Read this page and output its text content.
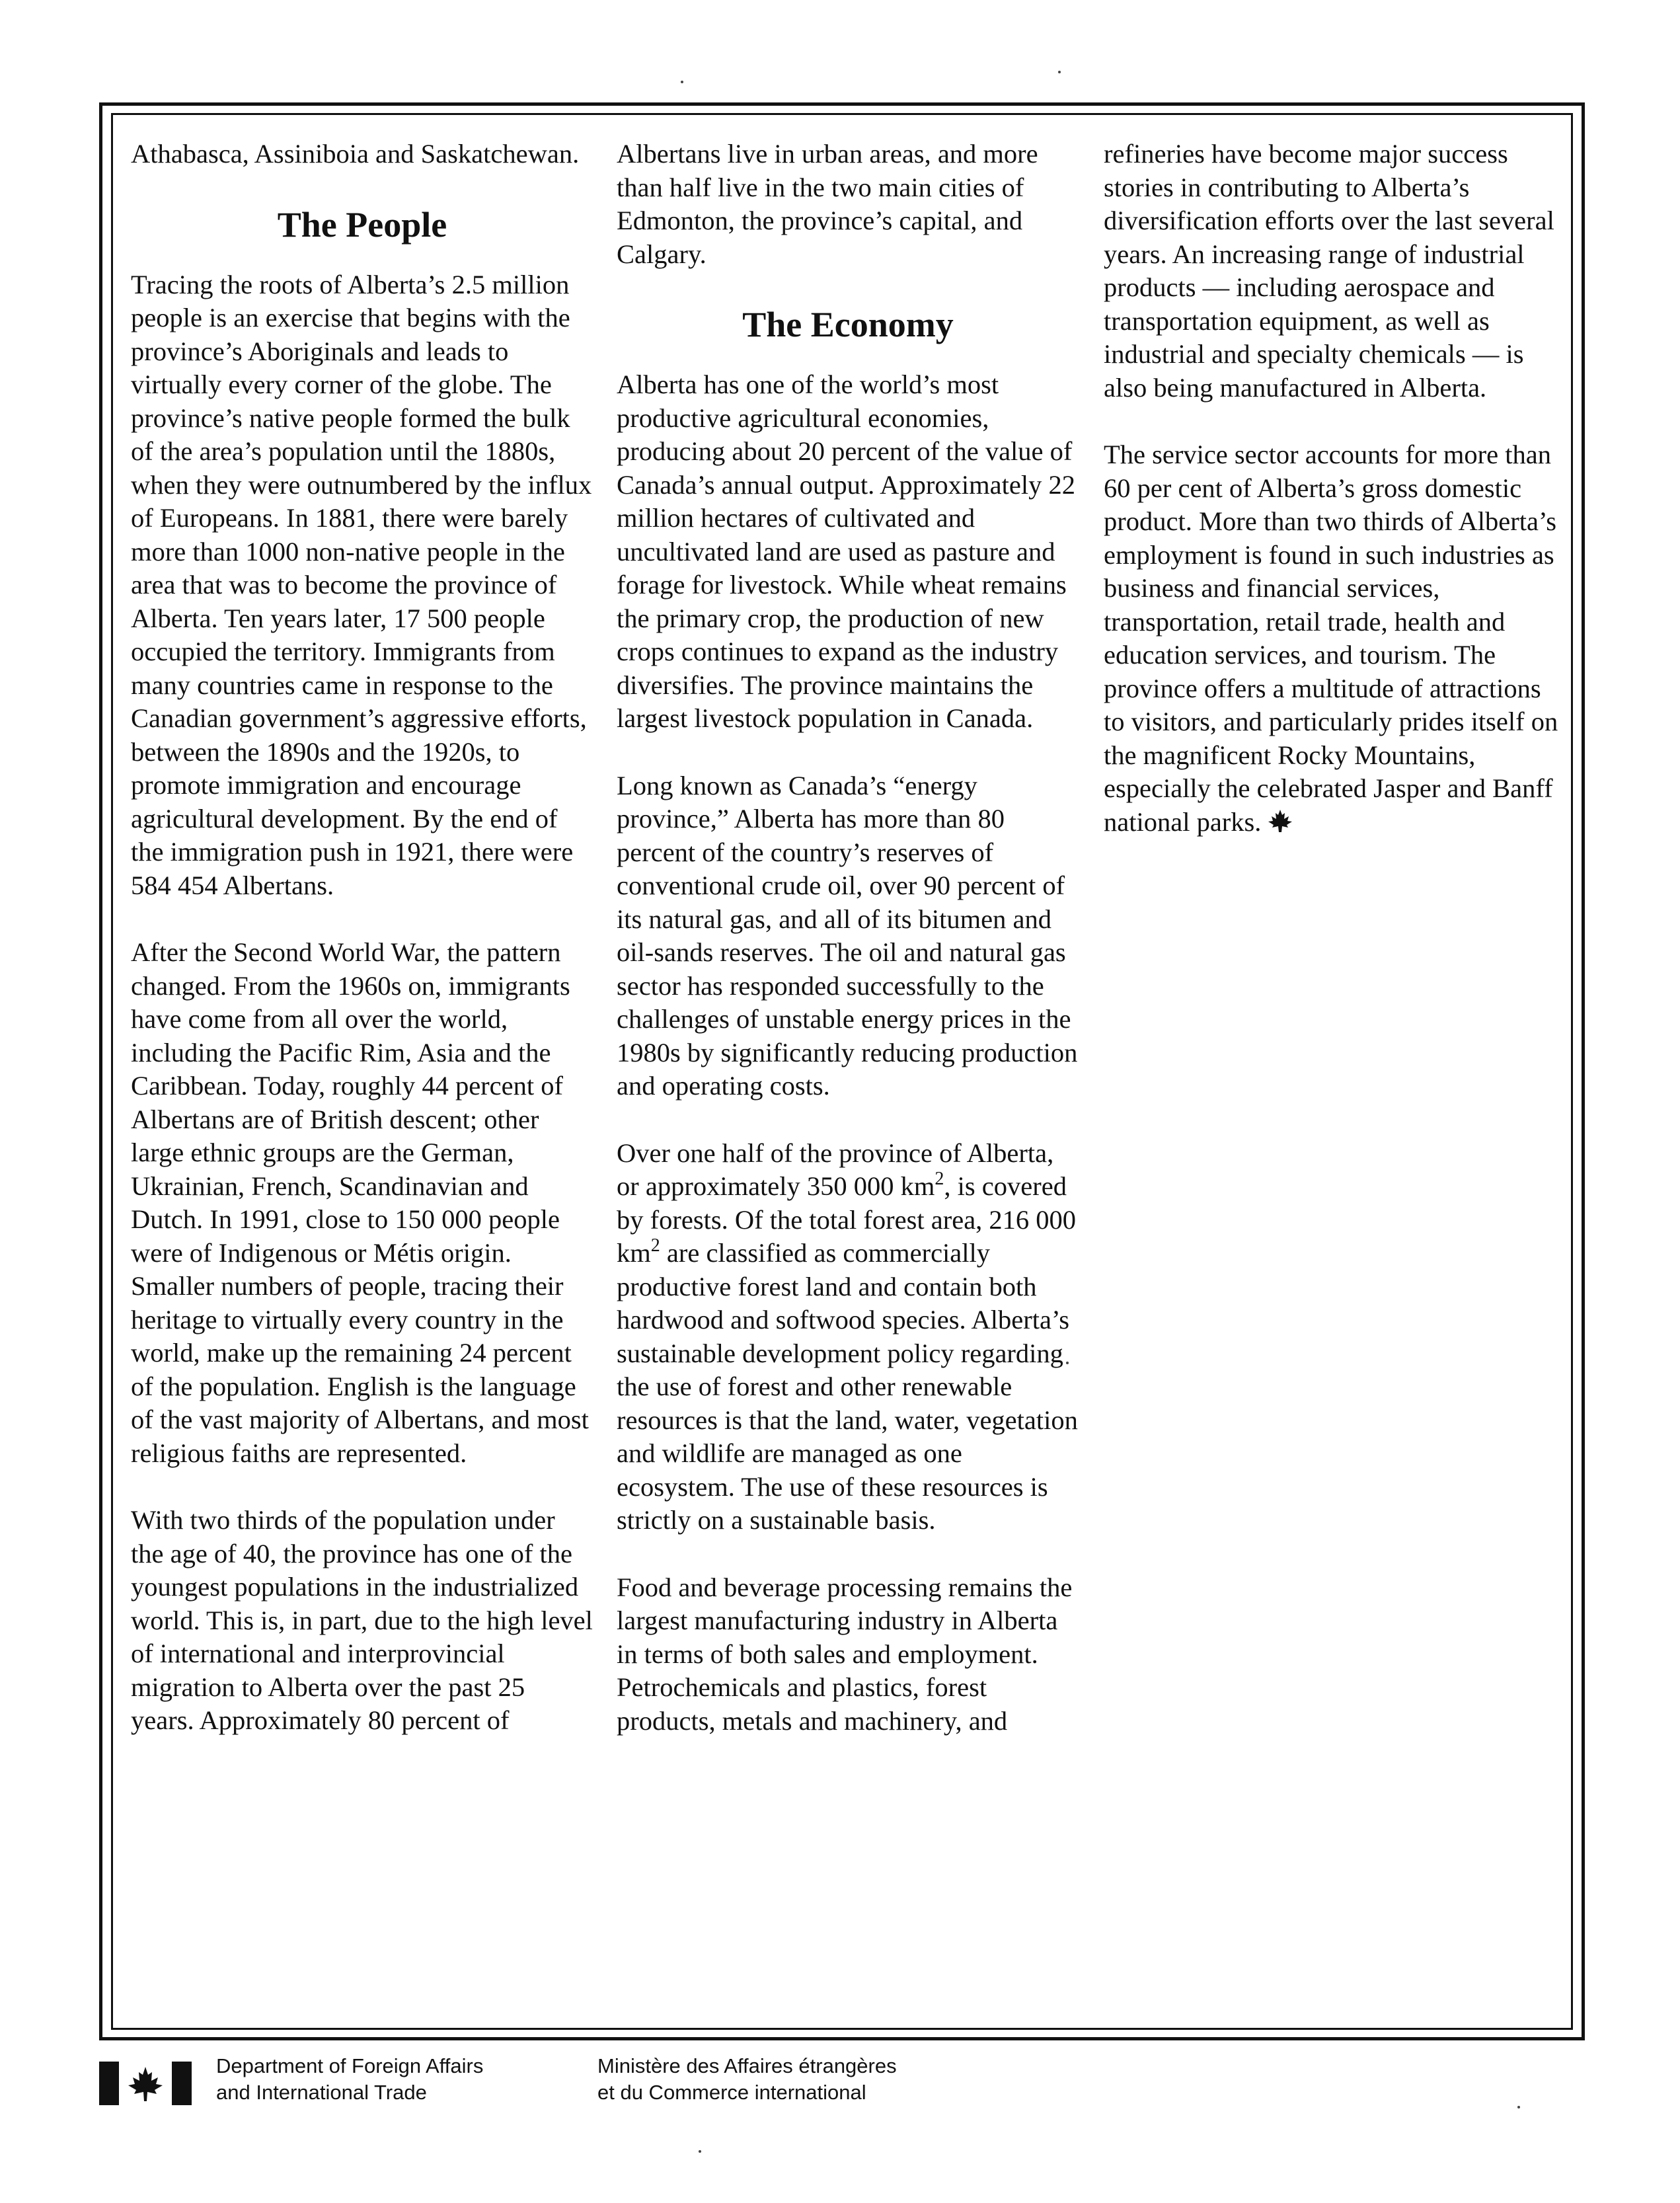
Athabasca, Assiniboia and Saskatchewan.

The People

Tracing the roots of Alberta’s 2.5 million people is an exercise that begins with the province’s Aboriginals and leads to virtually every corner of the globe. The province’s native people formed the bulk of the area’s population until the 1880s, when they were outnumbered by the influx of Europeans. In 1881, there were barely more than 1000 non-native people in the area that was to become the province of Alberta. Ten years later, 17 500 people occupied the territory. Immigrants from many countries came in response to the Canadian government’s aggressive efforts, between the 1890s and the 1920s, to promote immigration and encourage agricultural development. By the end of the immigration push in 1921, there were 584 454 Albertans.

After the Second World War, the pattern changed. From the 1960s on, immigrants have come from all over the world, including the Pacific Rim, Asia and the Caribbean. Today, roughly 44 percent of Albertans are of British descent; other large ethnic groups are the German, Ukrainian, French, Scandinavian and Dutch. In 1991, close to 150 000 people were of Indigenous or Métis origin. Smaller numbers of people, tracing their heritage to virtually every country in the world, make up the remaining 24 percent of the population. English is the language of the vast majority of Albertans, and most religious faiths are represented.

With two thirds of the population under the age of 40, the province has one of the youngest populations in the industrialized world. This is, in part, due to the high level of international and interprovincial migration to Alberta over the past 25 years. Approximately 80 percent of

Albertans live in urban areas, and more than half live in the two main cities of Edmonton, the province’s capital, and Calgary.

The Economy

Alberta has one of the world’s most productive agricultural economies, producing about 20 percent of the value of Canada’s annual output. Approximately 22 million hectares of cultivated and uncultivated land are used as pasture and forage for livestock. While wheat remains the primary crop, the production of new crops continues to expand as the industry diversifies. The province maintains the largest livestock population in Canada.

Long known as Canada’s “energy province,” Alberta has more than 80 percent of the country’s reserves of conventional crude oil, over 90 percent of its natural gas, and all of its bitumen and oil-sands reserves. The oil and natural gas sector has responded successfully to the challenges of unstable energy prices in the 1980s by significantly reducing production and operating costs.

Over one half of the province of Alberta, or approximately 350 000 $km^2$, is covered by forests. Of the total forest area, 216 000 $km^2$ are classified as commercially productive forest land and contain both hardwood and softwood species. Alberta’s sustainable development policy regarding the use of forest and other renewable resources is that the land, water, vegetation and wildlife are managed as one ecosystem. The use of these resources is strictly on a sustainable basis.

Food and beverage processing remains the largest manufacturing industry in Alberta in terms of both sales and employment. Petrochemicals and plastics, forest products, metals and machinery, and

refineries have become major success stories in contributing to Alberta’s diversification efforts over the last several years. An increasing range of industrial products — including aerospace and transportation equipment, as well as industrial and specialty chemicals — is also being manufactured in Alberta.

The service sector accounts for more than 60 per cent of Alberta’s gross domestic product. More than two thirds of Alberta’s employment is found in such industries as business and financial services, transportation, retail trade, health and education services, and tourism. The province offers a multitude of attractions to visitors, and particularly prides itself on the magnificent Rocky Mountains, especially the celebrated Jasper and Banff national parks.

Department of Foreign Affairs
and International Trade
Ministère des Affaires étrangères
et du Commerce international
